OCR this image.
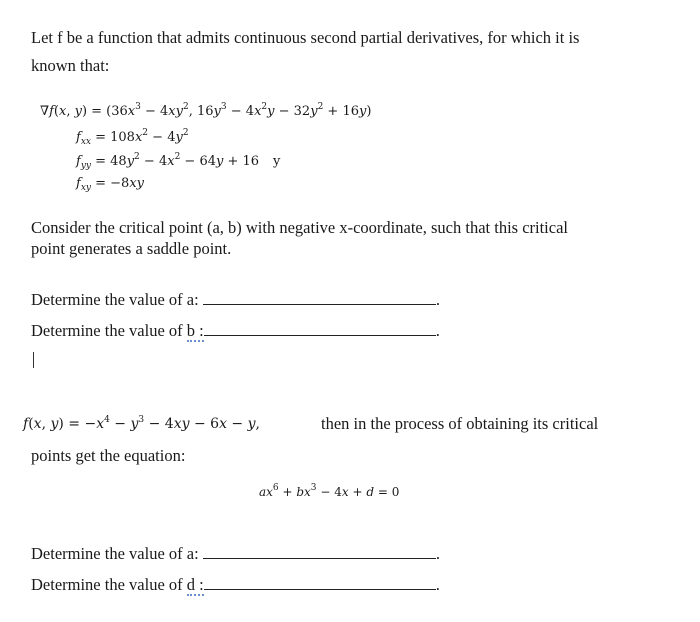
Let f be a function that admits continuous second partial derivatives, for which it is
known that:
∇f(x, $y) = (36x^3 - 4xy^2$, $16y^3 - 4x^2y - 32y^2 + 16y$)
$f_{xx} = 108x^2 - 4y^2$
$f_{yy} = 48y^2 - 4x^2 - 64y + 16$ y
$f_{xy} = -8xy$
Consider the critical point (a, b) with negative x-coordinate, such that this critical
point generates a saddle point.
Determine the value of a:	.
Determine the value of b :	.
f(x, $y) = -x^4 - y^3 - 4xy - 6x - y$,	then in the process of obtaining its critical
points get the equation:
$ax^6 + bx^3 - 4x + d = 0$
Determine the value of a:	.
Determine the value of d :	.
